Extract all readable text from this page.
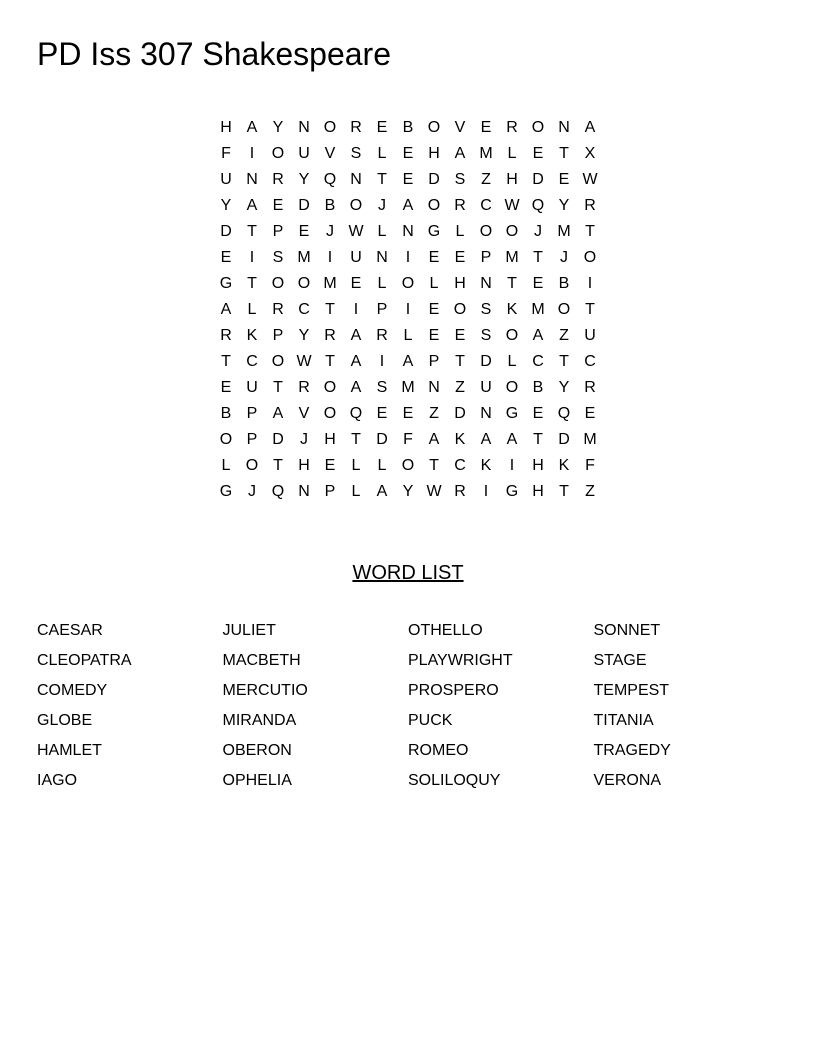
PD Iss 307 Shakespeare
H A Y N O R E B O V E R O N A
F	I	O U V S	L	E H A M L	E T X
U N R Y Q N T E D S Z H D E W
Y A E D B O J	A O R C W Q Y R
D T P E	J W L N G L O O J M T
E	I	S M	I	U N	I	E E P M T	J O
G T O O M E	L O L H N T E B	I
A	L R C T	I	P	I	E O S K M O T
R K P Y R A R L	E E S O A Z U
T C O W T A	I	A P T D L C T C
E U T R O A S M N Z U O B Y R
B P A V O Q E E Z D N G E Q E
O P D	J	H T D F A K A A T D M
L O T H E	L	L O T C K	I	H K F
G J Q N P	L	A Y W R	I	G H T	Z
WORD LIST
CAESAR
CLEOPATRA
COMEDY
GLOBE
HAMLET
IAGO
JULIET
MACBETH
MERCUTIO
MIRANDA
OBERON
OPHELIA
OTHELLO
PLAYWRIGHT
PROSPERO
PUCK
ROMEO
SOLILOQUY
SONNET
STAGE
TEMPEST
TITANIA
TRAGEDY
VERONA
